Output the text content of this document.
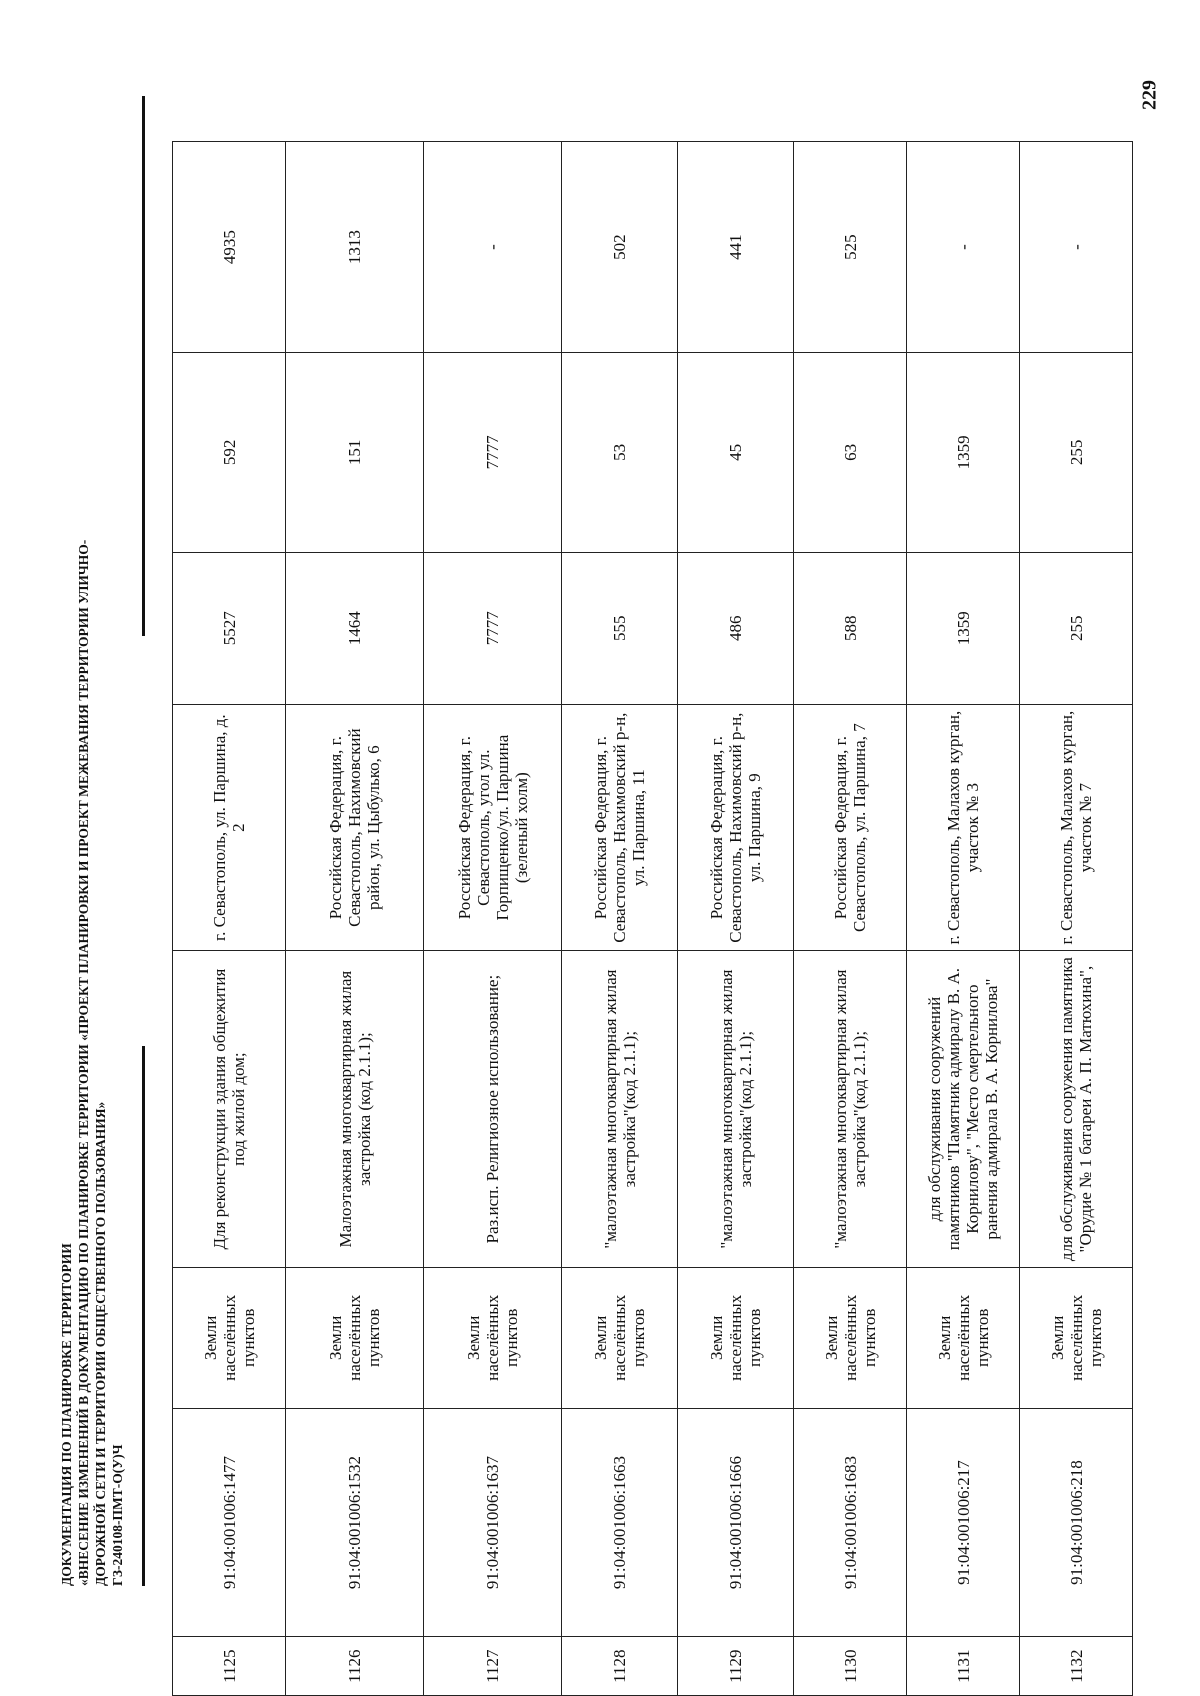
229
ДОКУМЕНТАЦИЯ ПО ПЛАНИРОВКЕ ТЕРРИТОРИИ «ВНЕСЕНИЕ ИЗМЕНЕНИЙ В ДОКУМЕНТАЦИЮ ПО ПЛАНИРОВКЕ ТЕРРИТОРИИ «ПРОЕКТ ПЛАНИРОВКИ И ПРОЕКТ МЕЖЕВАНИЯ ТЕРРИТОРИИ УЛИЧНО- ДОРОЖНОЙ СЕТИ И ТЕРРИТОРИИ ОБЩЕСТВЕННОГО ПОЛЬЗОВАНИЯ» ГЗ-240108-ПМТ-О(У)Ч
1125	91:04:001006:1477	Земли населённых пунктов	Для реконструкции здания общежития под жилой дом;	г. Севастополь, ул. Паршина, д. 2	5527	592	4935
1126	91:04:001006:1532	Земли населённых пунктов	Малоэтажная многоквартирная жилая застройка (код 2.1.1);	Российская Федерация, г. Севастополь, Нахимовский район, ул. Цыбулько, 6	1464	151	1313
1127	91:04:001006:1637	Земли населённых пунктов	Раз.исп. Религиозное использование;	Российская Федерация, г. Севастополь, угол ул. Горпищенко/ул. Паршина (зеленый холм)	7777	7777	-
1128	91:04:001006:1663	Земли населённых пунктов	"малоэтажная многоквартирная жилая застройка"(код 2.1.1);	Российская Федерация, г. Севастополь, Нахимовский р-н, ул. Паршина, 11	555	53	502
1129	91:04:001006:1666	Земли населённых пунктов	"малоэтажная многоквартирная жилая застройка"(код 2.1.1);	Российская Федерация, г. Севастополь, Нахимовский р-н, ул. Паршина, 9	486	45	441
1130	91:04:001006:1683	Земли населённых пунктов	"малоэтажная многоквартирная жилая застройка"(код 2.1.1);	Российская Федерация, г. Севастополь, ул. Паршина, 7	588	63	525
1131	91:04:001006:217	Земли населённых пунктов	для обслуживания сооружений памятников "Памятник адмиралу В. А. Корнилову", "Место смертельного ранения адмирала В. А. Корнилова"	г. Севастополь, Малахов курган, участок № 3	1359	1359	-
1132	91:04:001006:218	Земли населённых пунктов	для обслуживания сооружения памятника "Орудие № 1 батареи А. П. Матюхина",	г. Севастополь, Малахов курган, участок № 7	255	255	-
